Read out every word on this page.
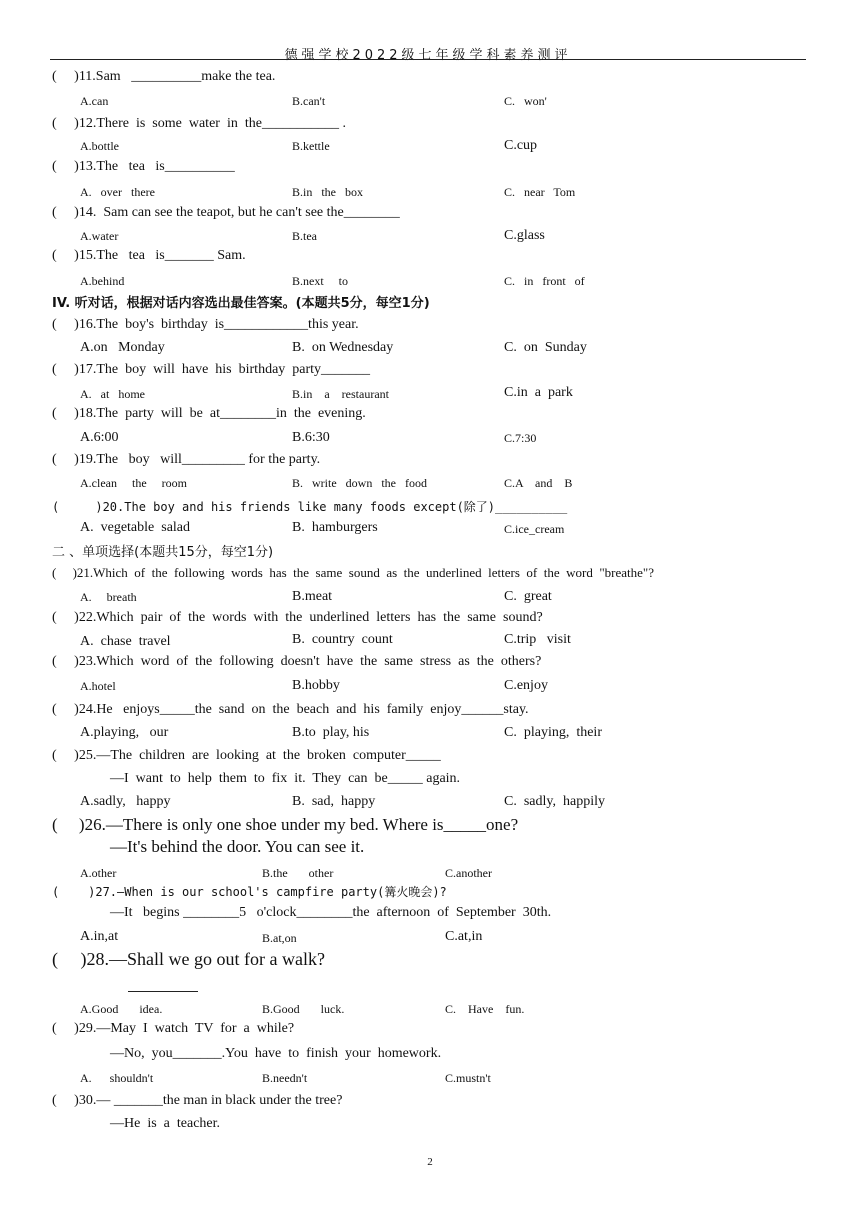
德强学校2022级七年级学科素养测评
(     )11.Sam   __________make the tea.
A.can	B.can't	C.   won'
(     )12.There  is  some  water  in  the___________ .
A.bottle	B.kettle	C.cup
(     )13.The   tea   is__________
A.   over   there	B.in   the   box	C.   near   Tom
(     )14.  Sam can see the teapot, but he can't see the________
A.water	B.tea	C.glass
(     )15.The   tea   is_______ Sam.
A.behind	B.next     to	C.   in   front   of
IV. 听对话，根据对话内容选出最佳答案。(本题共5分，每空1分)
(     )16.The  boy's  birthday  is____________this year.
A.on   Monday	B.  on Wednesday	C.  on  Sunday
(     )17.The  boy  will  have  his  birthday  party_______
A.   at   home	B.in    a    restaurant	C.in  a  park
(     )18.The  party  will  be  at________in  the  evening.
A.6:00	B.6:30	C.7:30
(     )19.The   boy   will_________ for the party.
A.clean     the     room	B.   write   down   the   food	C.A    and    B
(     )20.The boy and his friends like many foods except(除了)__________
A.  vegetable  salad	B.  hamburgers	C.ice_cream
二 、单项选择(本题共15分，每空1分)
(     )21.Which  of  the  following  words  has  the  same  sound  as  the  underlined  letters  of  the  word  "breathe"?
A.     breath	B.meat	C.  great
(     )22.Which  pair  of  the  words  with  the  underlined  letters  has  the  same  sound?
A.  chase  travel	B.  country  count	C.trip   visit
(     )23.Which  word  of  the  following  doesn't  have  the  same  stress  as  the  others?
A.hotel	B.hobby	C.enjoy
(     )24.He   enjoys_____the  sand  on  the  beach  and  his  family  enjoy______stay.
A.playing,   our	B.to  play, his	C.  playing,  their
(     )25.—The  children  are  looking  at  the  broken  computer_____
—I  want  to  help  them  to  fix  it.  They  can  be_____ again.
A.sadly,   happy	B.  sad,  happy	C.  sadly,  happily
(     )26.—There is only one shoe under my bed. Where is_____one?
—It's behind the door. You can see it.
A.other	B.the       other	C.another
(    )27.—When is our school's campfire party(篝火晚会)?
—It   begins ________5   o'clock________the  afternoon  of  September  30th.
A.in,at	B.at,on	C.at,in
(     )28.—Shall we go out for a walk?
A.Good       idea.	B.Good       luck.	C.    Have    fun.
(     )29.—May  I  watch  TV  for  a  while?
—No,  you_______.You  have  to  finish  your  homework.
A.      shouldn't	B.needn't	C.mustn't
(     )30.— _______the man in black under the tree?
—He  is  a  teacher.
2
